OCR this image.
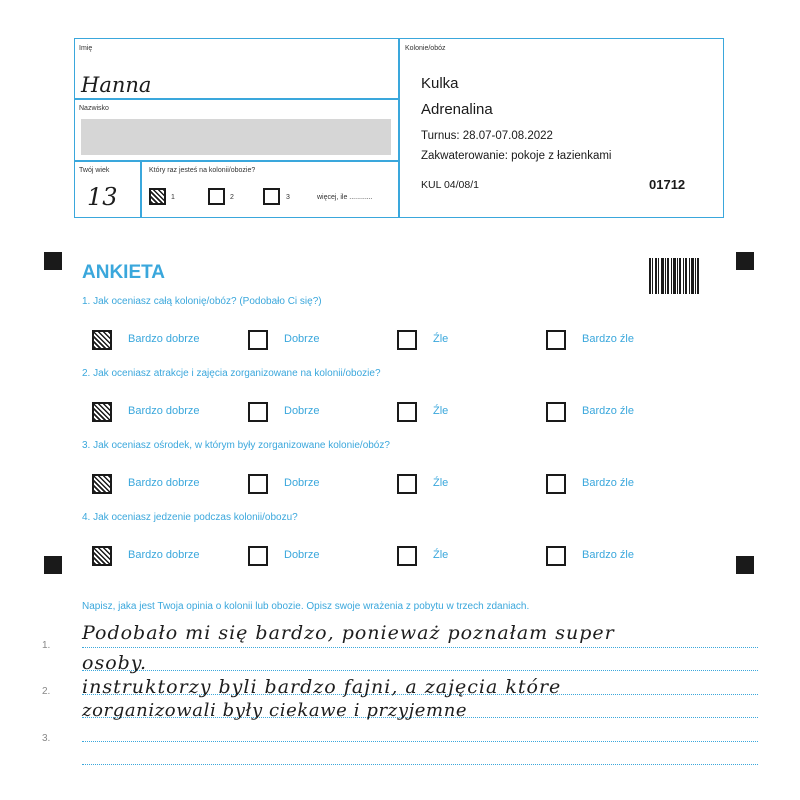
Imię
Hanna
Nazwisko
Twój wiek
13
Który raz jesteś na kolonii/obozie?
1	2	3	więcej, ile ............
Kolonie/obóz
Kulka
Adrenalina
Turnus: 28.07-07.08.2022
Zakwaterowanie: pokoje z łazienkami
KUL 04/08/1	01712
ANKIETA
1. Jak oceniasz całą kolonię/obóz? (Podobało Ci się?)
Bardzo dobrze	Dobrze	Źle	Bardzo źle
2. Jak oceniasz atrakcje i zajęcia zorganizowane na kolonii/obozie?
Bardzo dobrze	Dobrze	Źle	Bardzo źle
3. Jak oceniasz ośrodek, w którym były zorganizowane kolonie/obóz?
Bardzo dobrze	Dobrze	Źle	Bardzo źle
4. Jak oceniasz jedzenie podczas kolonii/obozu?
Bardzo dobrze	Dobrze	Źle	Bardzo źle
Napisz, jaka jest Twoja opinia o kolonii lub obozie. Opisz swoje wrażenia z pobytu w trzech zdaniach.
1.
2.
3.
Podobało mi się bardzo, ponieważ poznałam super
osoby.
instruktorzy byli bardzo fajni, a zajęcia które
zorganizowali były ciekawe i przyjemne
